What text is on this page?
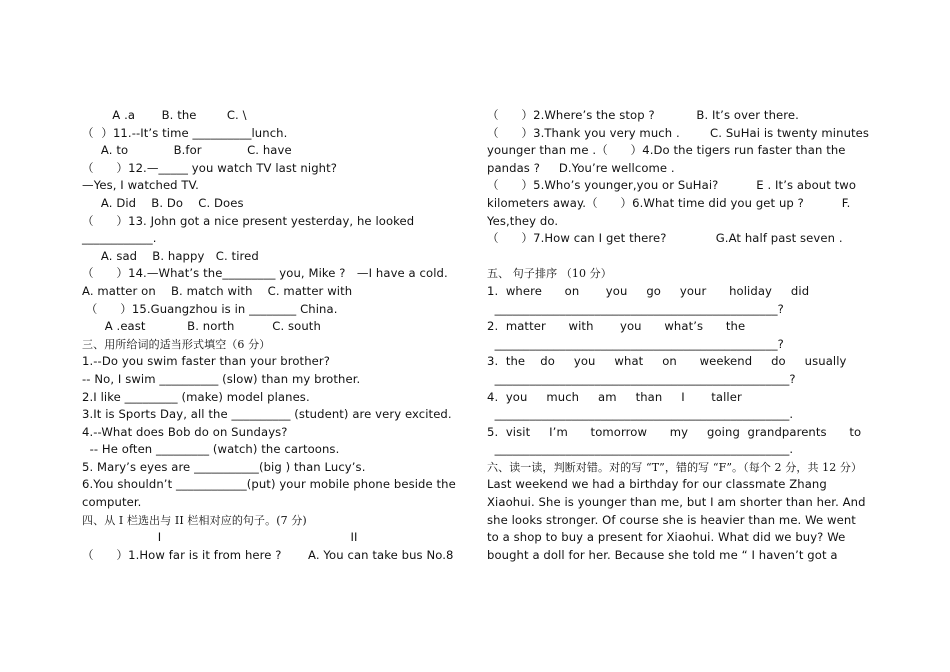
A .a       B. the        C. \
（  ）11.--It’s time __________lunch.
A. to            B.for            C. have
（      ）12.—_____ you watch TV last night?
—Yes, I watched TV.
A. Did    B. Do    C. Does
（      ）13. John got a nice present yesterday, he looked
____________.
A. sad    B. happy   C. tired
（      ）14.—What’s the_________ you, Mike ?   —I have a cold.
A. matter on    B. match with    C. matter with
（      ）15.Guangzhou is in ________ China.
A .east           B. north          C. south
三、用所给词的适当形式填空（6 分）
1.--Do you swim faster than your brother?
-- No, I swim __________ (slow) than my brother.
2.I like _________ (make) model planes.
3.It is Sports Day, all the __________ (student) are very excited.
4.--What does Bob do on Sundays?
-- He often _________ (watch) the cartoons.
5. Mary’s eyes are ___________(big ) than Lucy’s.
6.You shouldn’t ____________(put) your mobile phone beside the
computer.
四、从 I 栏选出与 II 栏相对应的句子。(7 分)
I                                                  II
（      ）1.How far is it from here ?       A. You can take bus No.8
（      ）2.Where’s the stop ?           B. It’s over there.
（      ）3.Thank you very much .        C. SuHai is twenty minutes
younger than me .（      ）4.Do the tigers run faster than the
pandas ?     D.You’re wellcome .
（      ）5.Who’s younger,you or SuHai?          E . It’s about two
kilometers away.（      ）6.What time did you get up ?          F.
Yes,they do.
（      ）7.How can I get there?             G.At half past seven .
五、 句子排序 （10 分）
1.  where      on       you     go     your      holiday     did
________________________________________________?
2.  matter      with       you      what’s      the
________________________________________________?
3.  the    do     you     what     on      weekend     do     usually
__________________________________________________?
4.  you     much     am     than     I       taller
__________________________________________________.
5.  visit     I’m      tomorrow      my     going  grandparents      to
__________________________________________________.
六、读一读，判断对错。对的写 “T”，错的写 “F”。（每个 2 分，共 12 分）
Last weekend we had a birthday for our classmate Zhang
Xiaohui. She is younger than me, but I am shorter than her. And
she looks stronger. Of course she is heavier than me. We went
to a shop to buy a present for Xiaohui. What did we buy? We
bought a doll for her. Because she told me “ I haven’t got a
